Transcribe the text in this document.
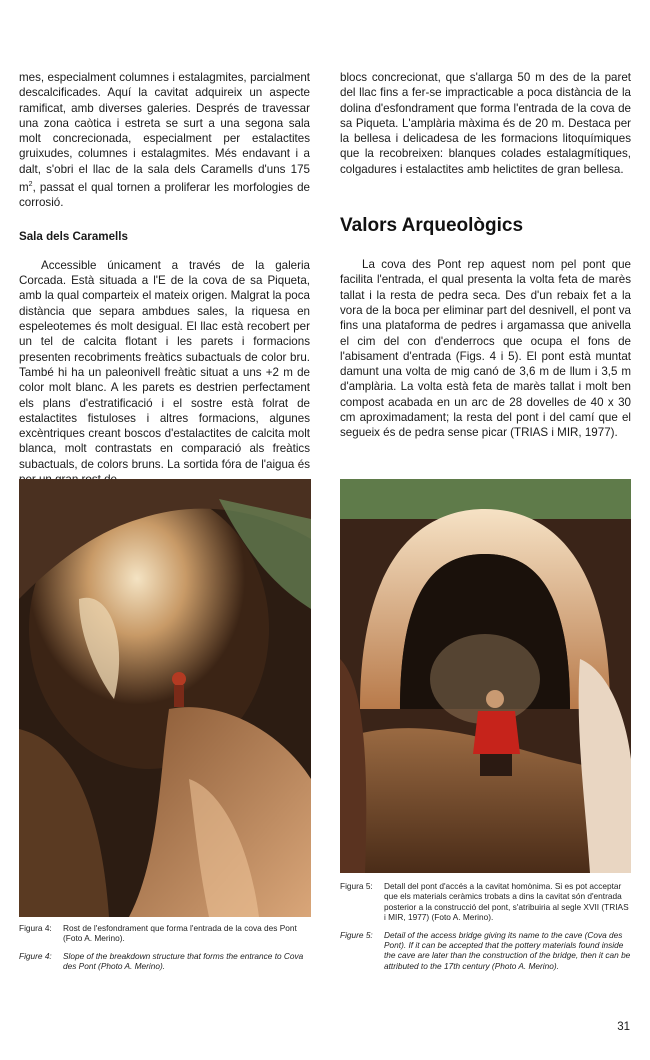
mes, especialment columnes i estalagmites, parcialment descalcificades. Aquí la cavitat adquireix un aspecte ramificat, amb diverses galeries. Després de travessar una zona caòtica i estreta se surt a una segona sala molt concrecionada, especialment per estalactites gruixudes, columnes i estalagmites. Més endavant i a dalt, s'obri el llac de la sala dels Caramells d'uns 175 $m^2$, passat el qual tornen a proliferar les morfologies de corrosió.

Sala dels Caramells

Accessible únicament a través de la galeria Corcada. Està situada a l'E de la cova de sa Piqueta, amb la qual comparteix el mateix origen. Malgrat la poca distància que separa ambdues sales, la riquesa en espeleotemes és molt desigual. El llac està recobert per un tel de calcita flotant i les parets i formacions presenten recobriments freàtics subactuals de color bru. També hi ha un paleonivell freàtic situat a uns +2 m de color molt blanc. A les parets es destrien perfectament els plans d'estratificació i el sostre està folrat de estalactites fistuloses i altres formacions, algunes excèntriques creant boscos d'estalactites de calcita molt blanca, molt contrastats en comparació als freàtics subactuals, de colors bruns. La sortida fóra de l'aigua és

blocs concrecionat, que s'allarga 50 m des de la paret del llac fins a fer-se impracticable a poca distància de la dolina d'esfondrament que forma l'entrada de la cova de sa Piqueta. L'amplària màxima és de 20 m. Destaca per la bellesa i delicadesa de les formacions litoquímiques que la recobreixen: blanques colades estalagmítiques, colgadures i estalactites amb helictites de gran bellesa.

Valors Arqueològics

La cova des Pont rep aquest nom pel pont que facilita l'entrada, el qual presenta la volta feta de marès tallat i la resta de pedra seca. Des d'un rebaix fet a la vora de la boca per eliminar part del desnivell, el pont va fins una plataforma de pedres i argamassa que anivella el cim del con d'enderrocs que ocupa el fons de l'abisament d'entrada (Figs. 4 i 5). El pont està muntat damunt una volta de mig canó de 3,6 m de llum i 3,5 m d'amplària. La volta està feta de marès tallat i molt ben compost acabada en un arc de 28 dovelles de 40 x 30 cm aproximadament; la resta del pont i del camí que el segueix és de pedra sense picar (TRIAS i MIR, 1977).

Figura 5:	Detall del pont d'accés a la cavitat homònima. Si es pot acceptar que els materials ceràmics trobats a dins la cavitat són d'entrada posterior a la construcció del pont, s'atribuiria al segle XVII (TRIAS i MIR, 1977) (Foto A. Merino).
Figure 5:	Detail of the access bridge giving its name to the cave (Cova des Pont). If it can be accepted that the pottery materials found inside the cave are later than the construction of the bridge, then it can be attributed to the 17th century (Photo A. Merino).
Figura 4:	Rost de l'esfondrament que forma l'entrada de la cova des Pont (Foto A. Merino).
Figure 4:	Slope of the breakdown structure that forms the entrance to Cova des Pont (Photo A. Merino).
31
